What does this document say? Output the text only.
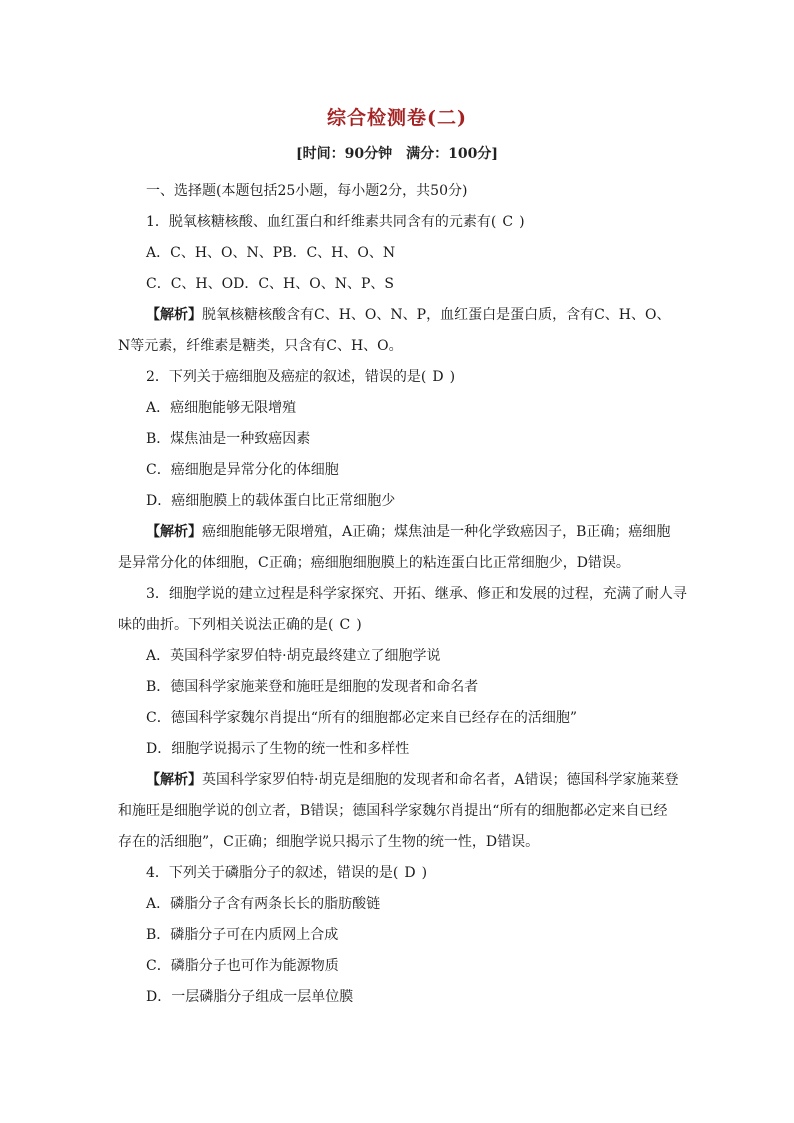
综合检测卷(二)
[时间：90分钟　满分：100分]

一、选择题(本题包括25小题，每小题2分，共50分)

1．脱氧核糖核酸、血红蛋白和纤维素共同含有的元素有( C )

A．C、H、O、N、PB．C、H、O、N

C．C、H、OD．C、H、O、N、P、S

【解析】脱氧核糖核酸含有C、H、O、N、P，血红蛋白是蛋白质，含有C、H、O、N等元素，纤维素是糖类，只含有C、H、O。

2．下列关于癌细胞及癌症的叙述，错误的是( D )

A．癌细胞能够无限增殖

B．煤焦油是一种致癌因素

C．癌细胞是异常分化的体细胞

D．癌细胞膜上的载体蛋白比正常细胞少

【解析】癌细胞能够无限增殖，A正确；煤焦油是一种化学致癌因子，B正确；癌细胞是异常分化的体细胞，C正确；癌细胞细胞膜上的粘连蛋白比正常细胞少，D错误。

3．细胞学说的建立过程是科学家探究、开拓、继承、修正和发展的过程，充满了耐人寻

味的曲折。下列相关说法正确的是( C )

A．英国科学家罗伯特·胡克最终建立了细胞学说

B．德国科学家施莱登和施旺是细胞的发现者和命名者

C．德国科学家魏尔肖提出“所有的细胞都必定来自已经存在的活细胞”

D．细胞学说揭示了生物的统一性和多样性

【解析】英国科学家罗伯特·胡克是细胞的发现者和命名者，A错误；德国科学家施莱登和施旺是细胞学说的创立者，B错误；德国科学家魏尔肖提出“所有的细胞都必定来自已经存在的活细胞”，C正确；细胞学说只揭示了生物的统一性，D错误。

4．下列关于磷脂分子的叙述，错误的是( D )

A．磷脂分子含有两条长长的脂肪酸链

B．磷脂分子可在内质网上合成

C．磷脂分子也可作为能源物质

D．一层磷脂分子组成一层单位膜
